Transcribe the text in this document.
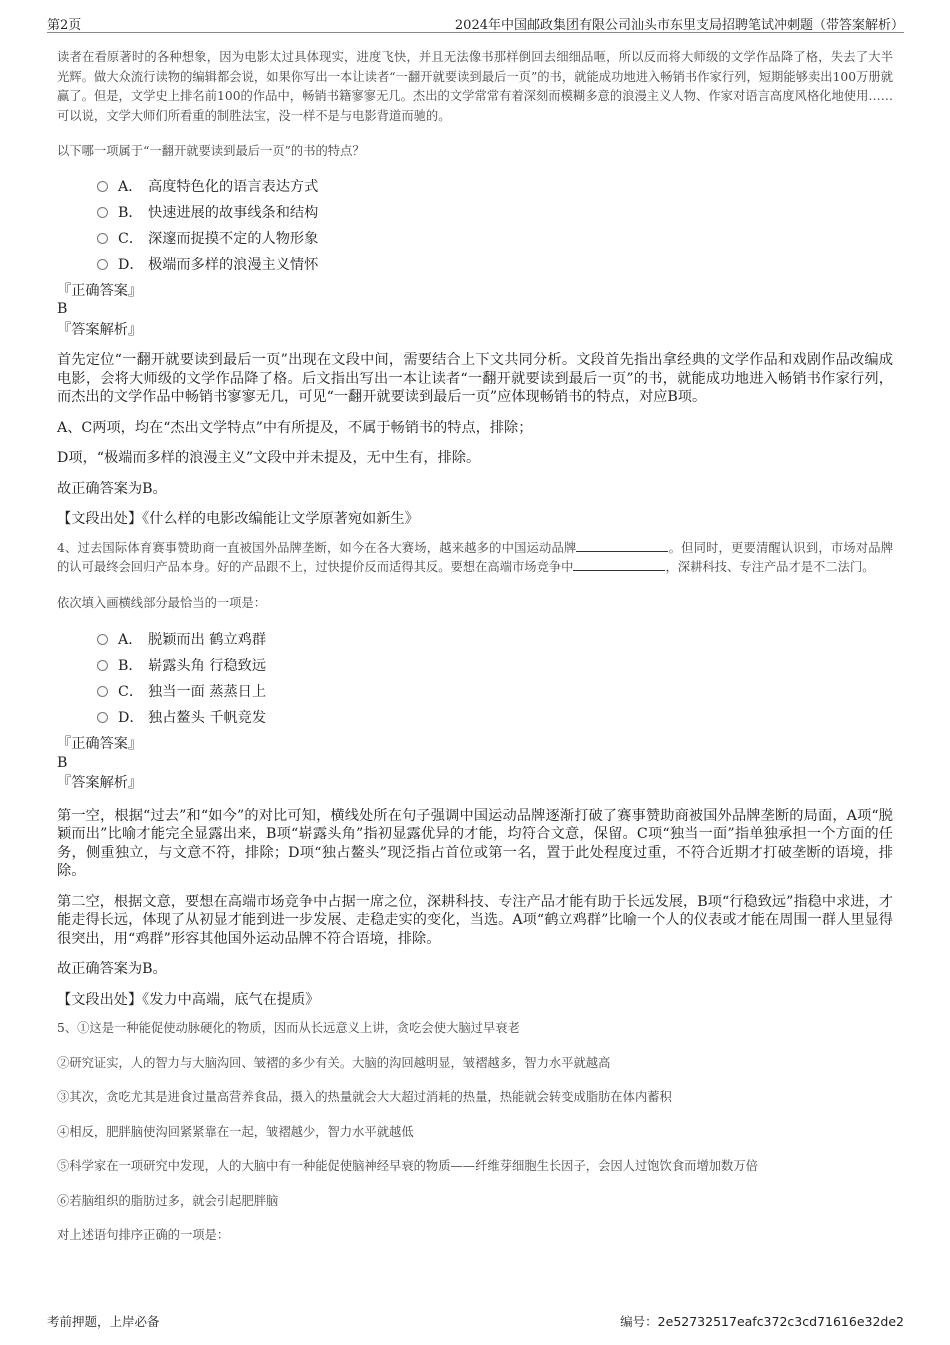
第2页	2024年中国邮政集团有限公司汕头市东里支局招聘笔试冲刺题（带答案解析）

读者在看原著时的各种想象，因为电影太过具体现实，进度飞快，并且无法像书那样倒回去细细品咂，所以反而将大师级的文学作品降了格，失去了大半光辉。做大众流行读物的编辑都会说，如果你写出一本让读者“一翻开就要读到最后一页”的书，就能成功地进入畅销书作家行列，短期能够卖出100万册就赢了。但是，文学史上排名前100的作品中，畅销书籍寥寥无几。杰出的文学常常有着深刻而模糊多意的浪漫主义人物、作家对语言高度风格化地使用……可以说，文学大师们所看重的制胜法宝，没一样不是与电影背道而驰的。

以下哪一项属于“一翻开就要读到最后一页”的书的特点？

A． 高度特色化的语言表达方式
B． 快速进展的故事线条和结构
C． 深邃而捉摸不定的人物形象
D． 极端而多样的浪漫主义情怀

『正确答案』

B

『答案解析』

首先定位“一翻开就要读到最后一页”出现在文段中间，需要结合上下文共同分析。文段首先指出拿经典的文学作品和戏剧作品改编成电影，会将大师级的文学作品降了格。后文指出写出一本让读者“一翻开就要读到最后一页”的书，就能成功地进入畅销书作家行列，而杰出的文学作品中畅销书寥寥无几，可见“一翻开就要读到最后一页”应体现畅销书的特点，对应B项。

A、C两项，均在“杰出文学特点”中有所提及，不属于畅销书的特点，排除；

D项，“极端而多样的浪漫主义”文段中并未提及，无中生有，排除。

故正确答案为B。

【文段出处】《什么样的电影改编能让文学原著宛如新生》

4、过去国际体育赛事赞助商一直被国外品牌垄断，如今在各大赛场，越来越多的中国运动品牌	。但同时，更要清醒认识到，市场对品牌的认可最终会回归产品本身。好的产品跟不上，过快提价反而适得其反。要想在高端市场竞争中	，深耕科技、专注产品才是不二法门。

依次填入画横线部分最恰当的一项是：

A． 脱颖而出 鹤立鸡群
B． 崭露头角 行稳致远
C． 独当一面 蒸蒸日上
D． 独占鳌头 千帆竞发

『正确答案』

B

『答案解析』

第一空，根据“过去”和“如今”的对比可知，横线处所在句子强调中国运动品牌逐渐打破了赛事赞助商被国外品牌垄断的局面，A项“脱颖而出”比喻才能完全显露出来，B项“崭露头角”指初显露优异的才能，均符合文意，保留。C项“独当一面”指单独承担一个方面的任务，侧重独立，与文意不符，排除；D项“独占鳌头”现泛指占首位或第一名，置于此处程度过重，不符合近期才打破垄断的语境，排除。

第二空，根据文意，要想在高端市场竞争中占据一席之位，深耕科技、专注产品才能有助于长远发展，B项“行稳致远”指稳中求进，才能走得长远，体现了从初显才能到进一步发展、走稳走实的变化，当选。A项“鹤立鸡群”比喻一个人的仪表或才能在周围一群人里显得很突出，用“鸡群”形容其他国外运动品牌不符合语境，排除。

故正确答案为B。

【文段出处】《发力中高端，底气在提质》

5、①这是一种能促使动脉硬化的物质，因而从长远意义上讲，贪吃会使大脑过早衰老

②研究证实，人的智力与大脑沟回、皱褶的多少有关。大脑的沟回越明显，皱褶越多，智力水平就越高

③其次，贪吃尤其是进食过量高营养食品，摄入的热量就会大大超过消耗的热量，热能就会转变成脂肪在体内蓄积

④相反，肥胖脑使沟回紧紧靠在一起，皱褶越少，智力水平就越低

⑤科学家在一项研究中发现，人的大脑中有一种能促使脑神经早衰的物质——纤维芽细胞生长因子，会因人过饱饮食而增加数万倍

⑥若脑组织的脂肪过多，就会引起肥胖脑

对上述语句排序正确的一项是：

考前押题，上岸必备	编号：2e52732517eafc372c3cd71616e32de2
